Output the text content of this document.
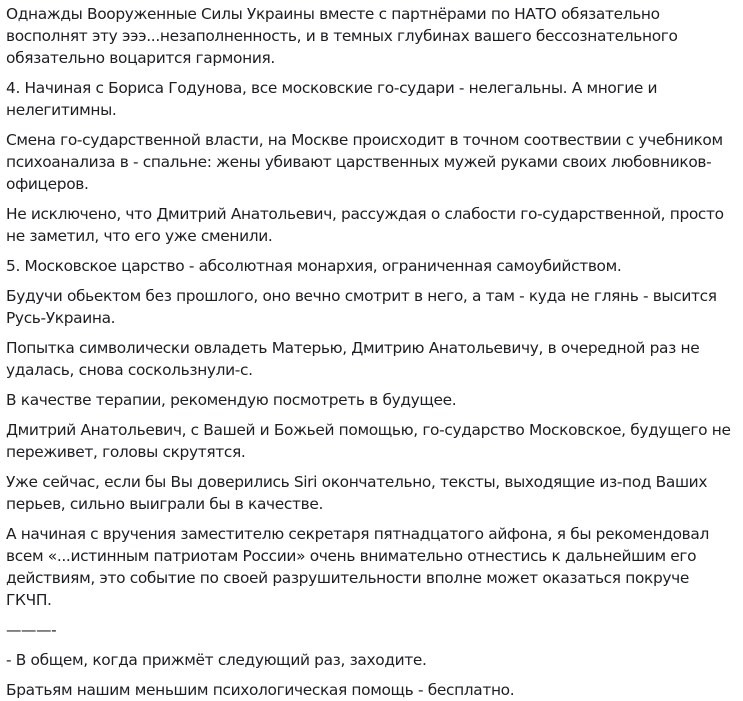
Однажды Вооруженные Силы Украины вместе с партнёрами по НАТО обязательно восполнят эту эээ...незаполненность, и в темных глубинах вашего бессознательного обязательно воцарится гармония.

4. Начиная с Бориса Годунова, все московские го-судари - нелегальны. А многие и нелегитимны.

Смена го-сударственной власти, на Москве происходит в точном соотвествии с учебником психоанализа в - спальне: жены убивают царственных мужей руками своих любовников-офицеров.

Не исключено, что Дмитрий Анатольевич, рассуждая о слабости го-сударственной, просто не заметил, что его уже сменили.

5. Московское царство - абсолютная монархия, ограниченная самоубийством.

Будучи обьектом без прошлого, оно вечно смотрит в него, а там - куда не глянь - высится Русь-Украина.

Попытка символически овладеть Матерью, Дмитрию Анатольевичу, в очередной раз не удалась, снова соскользнули-с.

В качестве терапии, рекомендую посмотреть в будущее.

Дмитрий Анатольевич, с Вашей и Божьей помощью, го-сударство Московское, будущего не переживет, головы скрутятся.

Уже сейчас, если бы Вы доверились Siri окончательно, тексты, выходящие из-под Ваших перьев, сильно выиграли бы в качестве.

А начиная с вручения заместителю секретаря пятнадцатого айфона, я бы рекомендовал всем «...истинным патриотам России» очень внимательно отнестись к дальнейшим его действиям, это событие по своей разрушительности вполне может оказаться покруче ГКЧП.

———-

- В общем, когда прижмёт следующий раз, заходите.

Братьям нашим меньшим психологическая помощь - бесплатно.
